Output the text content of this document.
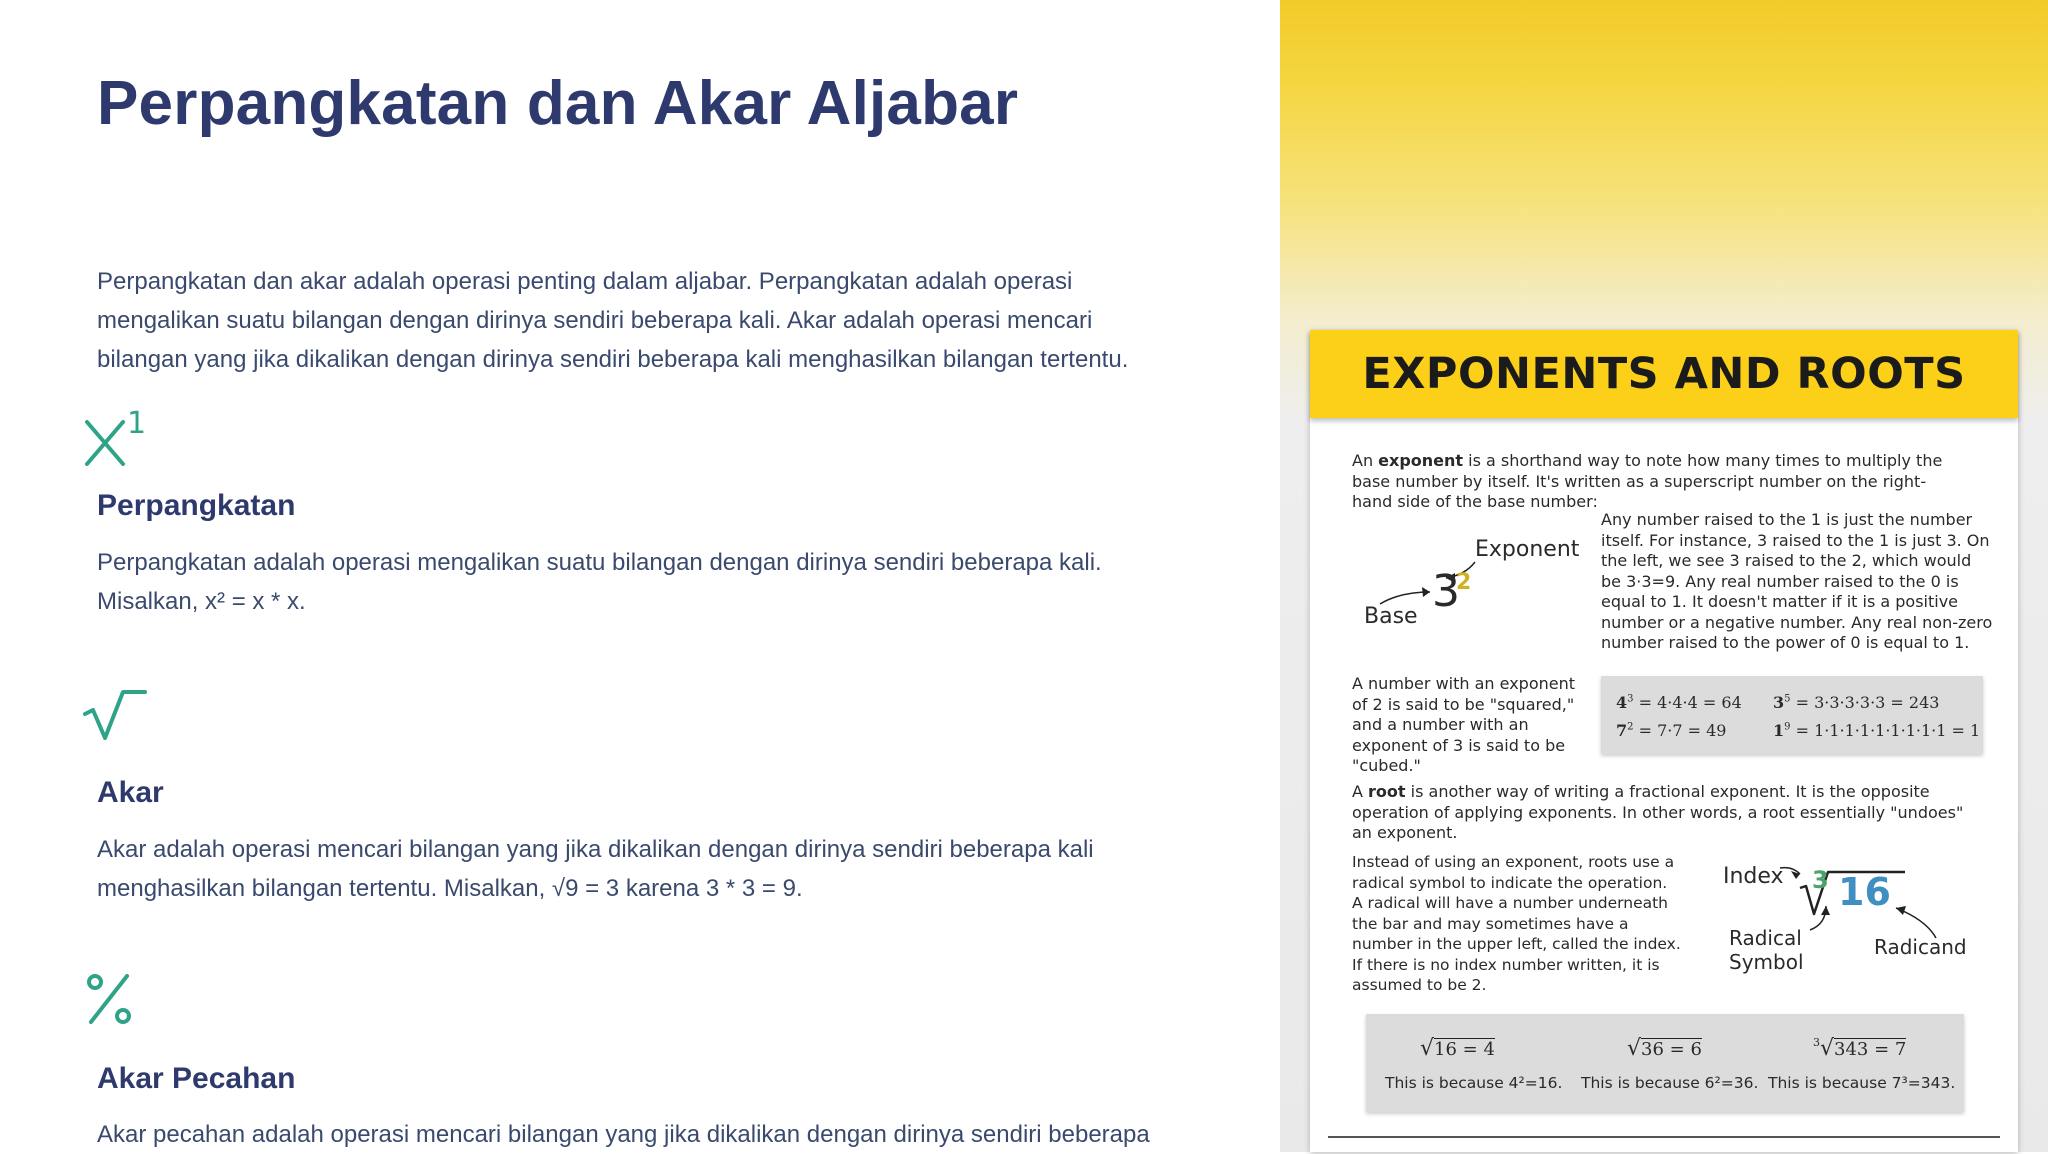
Perpangkatan dan Akar Aljabar

Perpangkatan dan akar adalah operasi penting dalam aljabar. Perpangkatan adalah operasi mengalikan suatu bilangan dengan dirinya sendiri beberapa kali. Akar adalah operasi mencari bilangan yang jika dikalikan dengan dirinya sendiri beberapa kali menghasilkan bilangan tertentu.

1
Perpangkatan

Perpangkatan adalah operasi mengalikan suatu bilangan dengan dirinya sendiri beberapa kali. Misalkan, x² = x * x.

Akar

Akar adalah operasi mencari bilangan yang jika dikalikan dengan dirinya sendiri beberapa kali menghasilkan bilangan tertentu. Misalkan, √9 = 3 karena 3 * 3 = 9.

Akar Pecahan

Akar pecahan adalah operasi mencari bilangan yang jika dikalikan dengan dirinya sendiri beberapa

EXPONENTS AND ROOTS

An exponent is a shorthand way to note how many times to multiply the base number by itself. It's written as a superscript number on the right-hand side of the base number:

Exponent
Base 3
2

Any number raised to the 1 is just the number itself. For instance, 3 raised to the 1 is just 3. On the left, we see 3 raised to the 2, which would be 3·3=9. Any real number raised to the 0 is equal to 1. It doesn't matter if it is a positive number or a negative number. Any real non-zero number raised to the power of 0 is equal to 1.

A number with an exponent of 2 is said to be "squared," and a number with an exponent of 3 is said to be "cubed."

$4^3 = 4\cdot 4\cdot 4 = 64$ $3^5 = 3\cdot 3\cdot 3\cdot 3\cdot 3 = 243$
$7^2 = 7\cdot 7 = 49$	$1^9 = 1\cdot 1\cdot 1\cdot 1\cdot 1\cdot 1\cdot 1\cdot 1\cdot 1 = 1$

A root is another way of writing a fractional exponent. It is the opposite operation of applying exponents. In other words, a root essentially "undoes" an exponent.

Instead of using an exponent, roots use a radical symbol to indicate the operation. A radical will have a number underneath the bar and may sometimes have a number in the upper left, called the index. If there is no index number written, it is assumed to be 2.

Index 3 16
Radical
Symbol
Radicand
√16 = 4
This is because 4²=16.
√36 = 6
This is because 6²=36.
$^3$√343 = 7
This is because 7³=343.
